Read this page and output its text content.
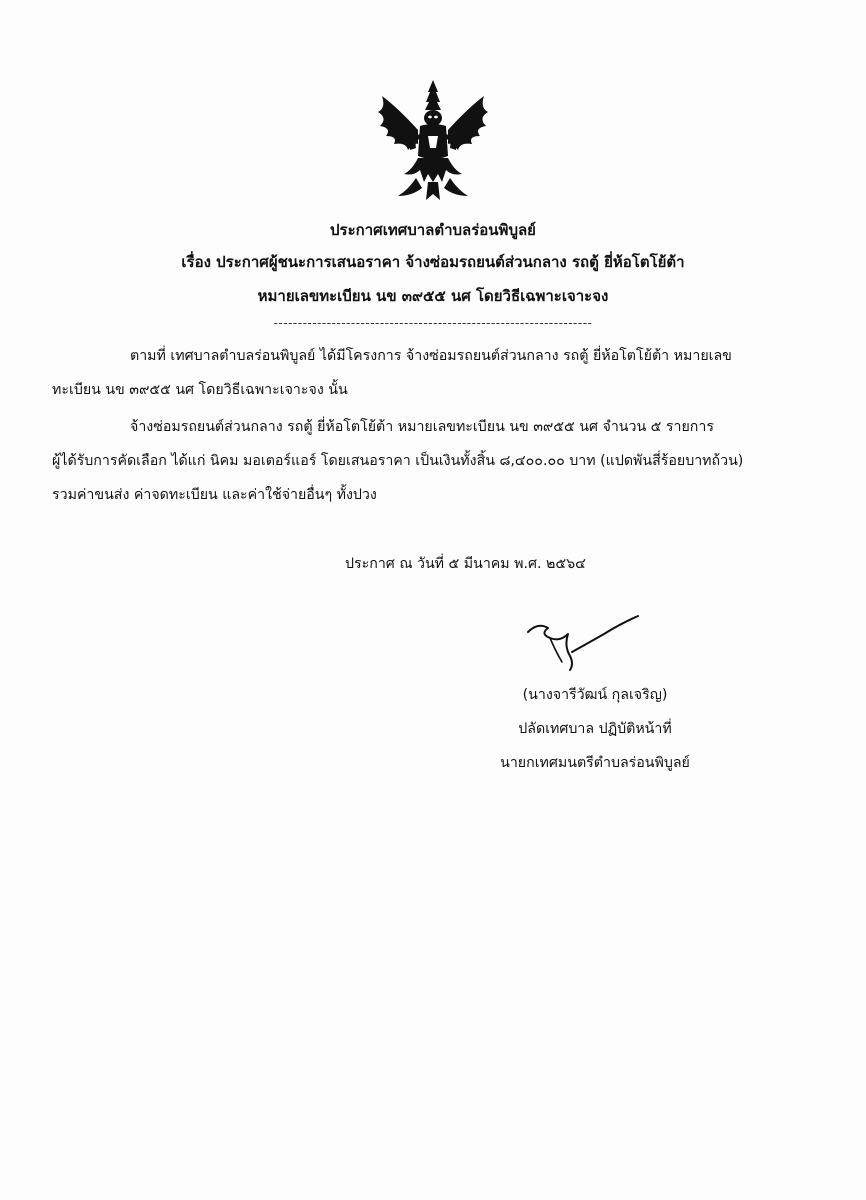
ประกาศเทศบาลตำบลร่อนพิบูลย์
เรื่อง ประกาศผู้ชนะการเสนอราคา จ้างซ่อมรถยนต์ส่วนกลาง รถตู้ ยี่ห้อโตโย้ต้า
หมายเลขทะเบียน นข ๓๙๕๕ นศ โดยวิธีเฉพาะเจาะจง
------------------------------------------------------------------
ตามที่ เทศบาลตำบลร่อนพิบูลย์ ได้มีโครงการ จ้างซ่อมรถยนต์ส่วนกลาง รถตู้ ยี่ห้อโตโย้ต้า หมายเลข
ทะเบียน นข ๓๙๕๕ นศ โดยวิธีเฉพาะเจาะจง นั้น
จ้างซ่อมรถยนต์ส่วนกลาง รถตู้ ยี่ห้อโตโย้ต้า หมายเลขทะเบียน นข ๓๙๕๕ นศ จำนวน ๕ รายการ
ผู้ได้รับการคัดเลือก ได้แก่ นิคม มอเตอร์แอร์ โดยเสนอราคา เป็นเงินทั้งสิ้น ๘,๔๐๐.๐๐ บาท (แปดพันสี่ร้อยบาทถ้วน)
รวมค่าขนส่ง ค่าจดทะเบียน และค่าใช้จ่ายอื่นๆ ทั้งปวง
ประกาศ ณ วันที่ ๕ มีนาคม พ.ศ. ๒๕๖๔
(นางจารีวัฒน์ กุลเจริญ)
ปลัดเทศบาล ปฏิบัติหน้าที่
นายกเทศมนตรีตำบลร่อนพิบูลย์
